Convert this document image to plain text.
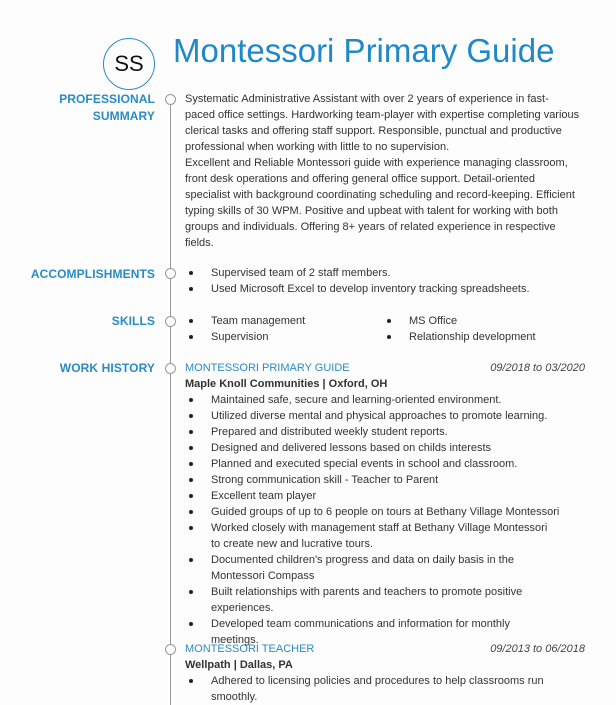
SS Montessori Primary Guide
PROFESSIONAL
SUMMARY
Systematic Administrative Assistant with over 2 years of experience in fast-
paced office settings. Hardworking team-player with expertise completing various
clerical tasks and offering staff support. Responsible, punctual and productive
professional when working with little to no supervision.
Excellent and Reliable Montessori guide with experience managing classroom,
front desk operations and offering general office support. Detail-oriented
specialist with background coordinating scheduling and record-keeping. Efficient
typing skills of 30 WPM. Positive and upbeat with talent for working with both
groups and individuals. Offering 8+ years of related experience in respective
fields.
ACCOMPLISHMENTS	Supervised team of 2 staff members.
Used Microsoft Excel to develop inventory tracking spreadsheets.
SKILLS	Team management
Supervision
MS Office
Relationship development
WORK HISTORY	MONTESSORI PRIMARY GUIDE	09/2018 to 03/2020
Maple Knoll Communities | Oxford, OH
Maintained safe, secure and learning-oriented environment.
Utilized diverse mental and physical approaches to promote learning.
Prepared and distributed weekly student reports.
Designed and delivered lessons based on childs interests
Planned and executed special events in school and classroom.
Strong communication skill - Teacher to Parent
Excellent team player
Guided groups of up to 6 people on tours at Bethany Village Montessori
Worked closely with management staff at Bethany Village Montessori to create new and lucrative tours.
Documented children's progress and data on daily basis in the Montessori Compass
Built relationships with parents and teachers to promote positive experiences.
Developed team communications and information for monthly meetings.
MONTESSORI TEACHER	09/2013 to 06/2018
Wellpath | Dallas, PA
Adhered to licensing policies and procedures to help classrooms run smoothly.
